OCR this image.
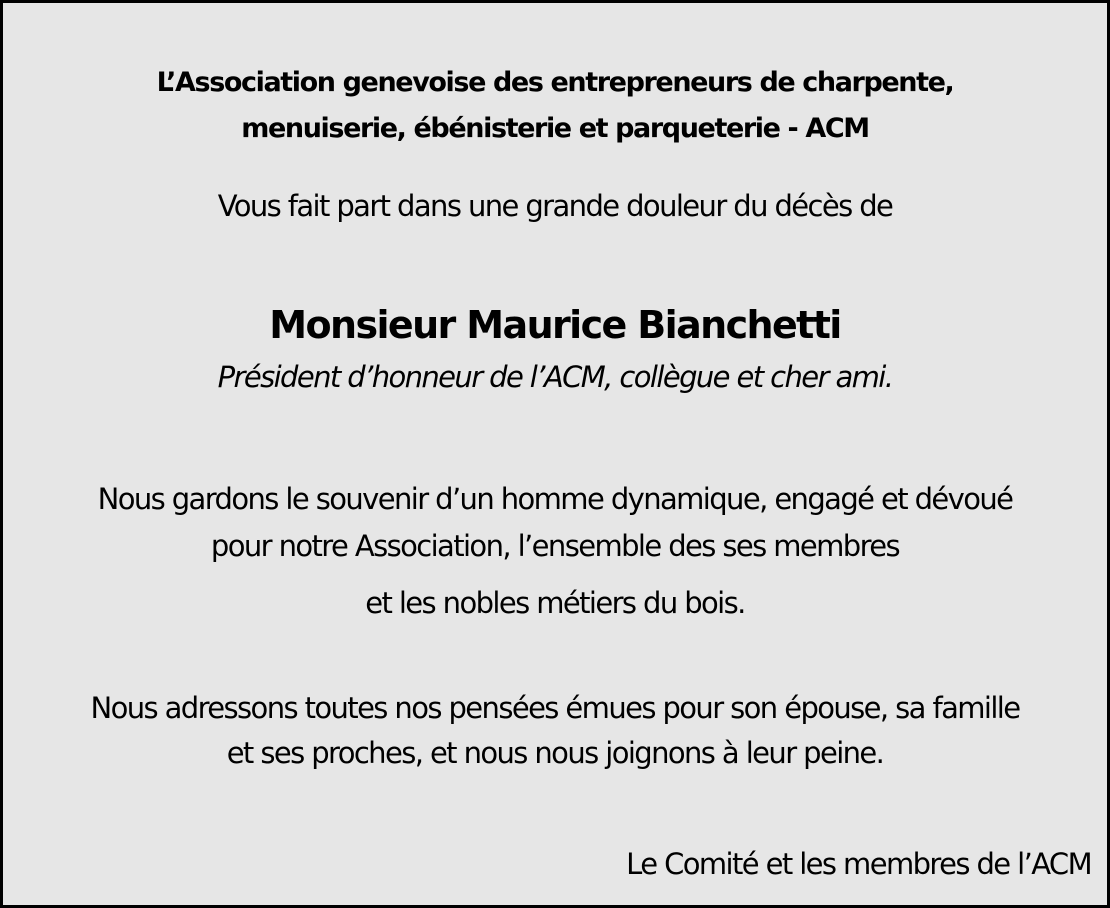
L’Association genevoise des entrepreneurs de charpente,
menuiserie, ébénisterie et parqueterie - ACM
Vous fait part dans une grande douleur du décès de
Monsieur Maurice Bianchetti
Président d’honneur de l’ACM, collègue et cher ami.
Nous gardons le souvenir d’un homme dynamique, engagé et dévoué
pour notre Association, l’ensemble des ses membres
et les nobles métiers du bois.
Nous adressons toutes nos pensées émues pour son épouse, sa famille
et ses proches, et nous nous joignons à leur peine.
Le Comité et les membres de l’ACM
